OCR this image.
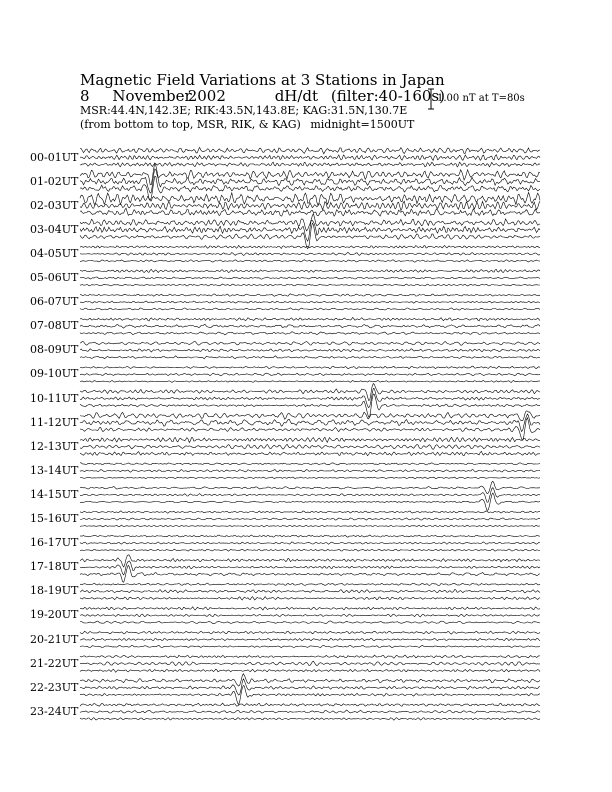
Magnetic Field Variations at 3 Stations in Japan
8 November2002	dH/dt (filter:40-160s)
MSR:44.4N,142.3E; RIK:43.5N,143.8E; KAG:31.5N,130.7E
(from bottom to top, MSR, RIK, & KAG) midnight=1500UT
1.00 nT at T=80s
00-01UT
01-02UT
02-03UT
03-04UT
04-05UT
05-06UT
06-07UT
07-08UT
08-09UT
09-10UT
10-11UT
11-12UT
12-13UT
13-14UT
14-15UT
15-16UT
16-17UT
17-18UT
18-19UT
19-20UT
20-21UT
21-22UT
22-23UT
23-24UT
